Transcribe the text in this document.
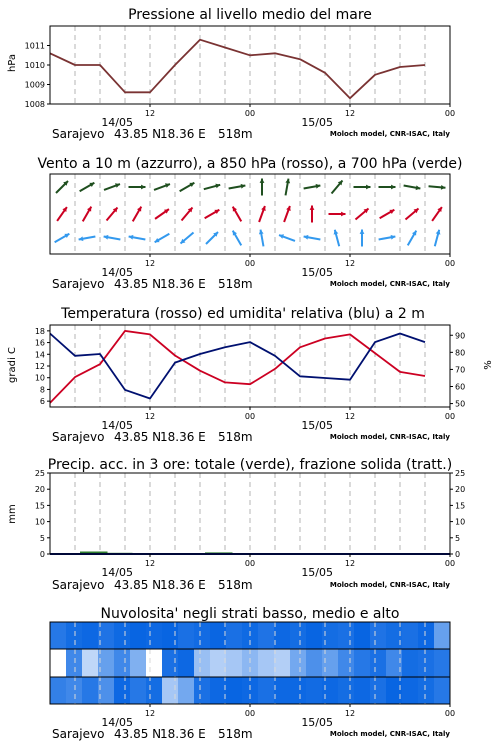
Pressione al livello medio del mare
hPa
1008
1009
1010
1011
12	00	12	00
14/05	15/05
Sarajevo 43.85 N
18.36 E 518m	Moloch model, CNR-ISAC, Italy
Vento a 10 m (azzurro), a 850 hPa (rosso), a 700 hPa (verde)
12	00	12	00
14/05	15/05
Sarajevo 43.85 N
18.36 E 518m	Moloch model, CNR-ISAC, Italy
Temperatura (rosso) ed umidita' relativa (blu) a 2 m
gradi C	%
6
8
10
12
14
16
18
50
60
70
80
90
12	00	12	00
14/05	15/05
Sarajevo 43.85 N
18.36 E 518m	Moloch model, CNR-ISAC, Italy
Precip. acc. in 3 ore: totale (verde), frazione solida (tratt.)
mm
0
5
10
15
20
25
0
5
10
15
20
25
12	00	12	00
14/05	15/05
Sarajevo 43.85 N
18.36 E 518m	Moloch model, CNR-ISAC, Italy
Nuvolosita' negli strati basso, medio e alto
12	00	12	00
14/05	15/05
Sarajevo 43.85 N
18.36 E 518m	Moloch model, CNR-ISAC, Italy
